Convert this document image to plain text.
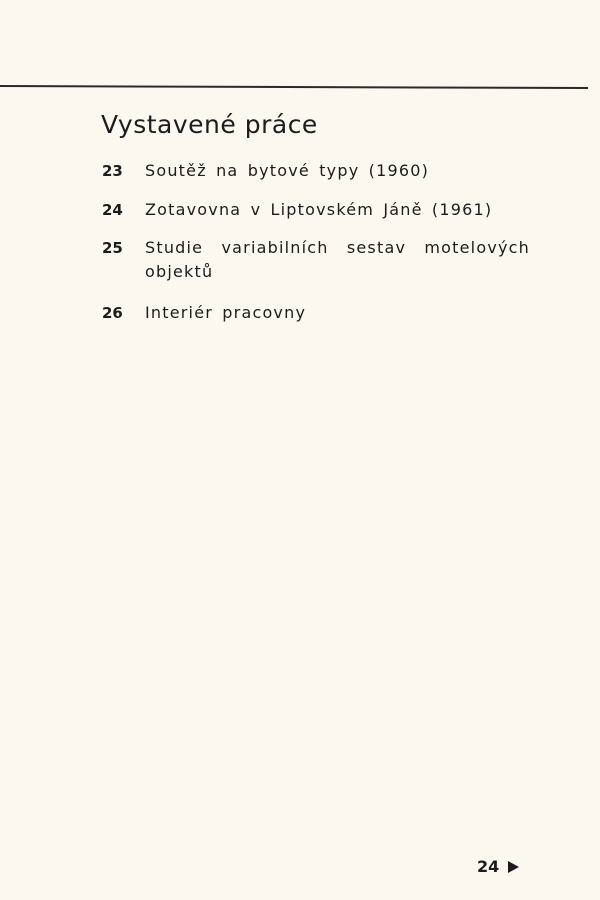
Vystavené práce
23 Soutěž na bytové typy (1960)
24 Zotavovna v Liptovském Jáně (1961)
25 Studie variabilních sestav motelových objektů
26 Interiér pracovny
24
